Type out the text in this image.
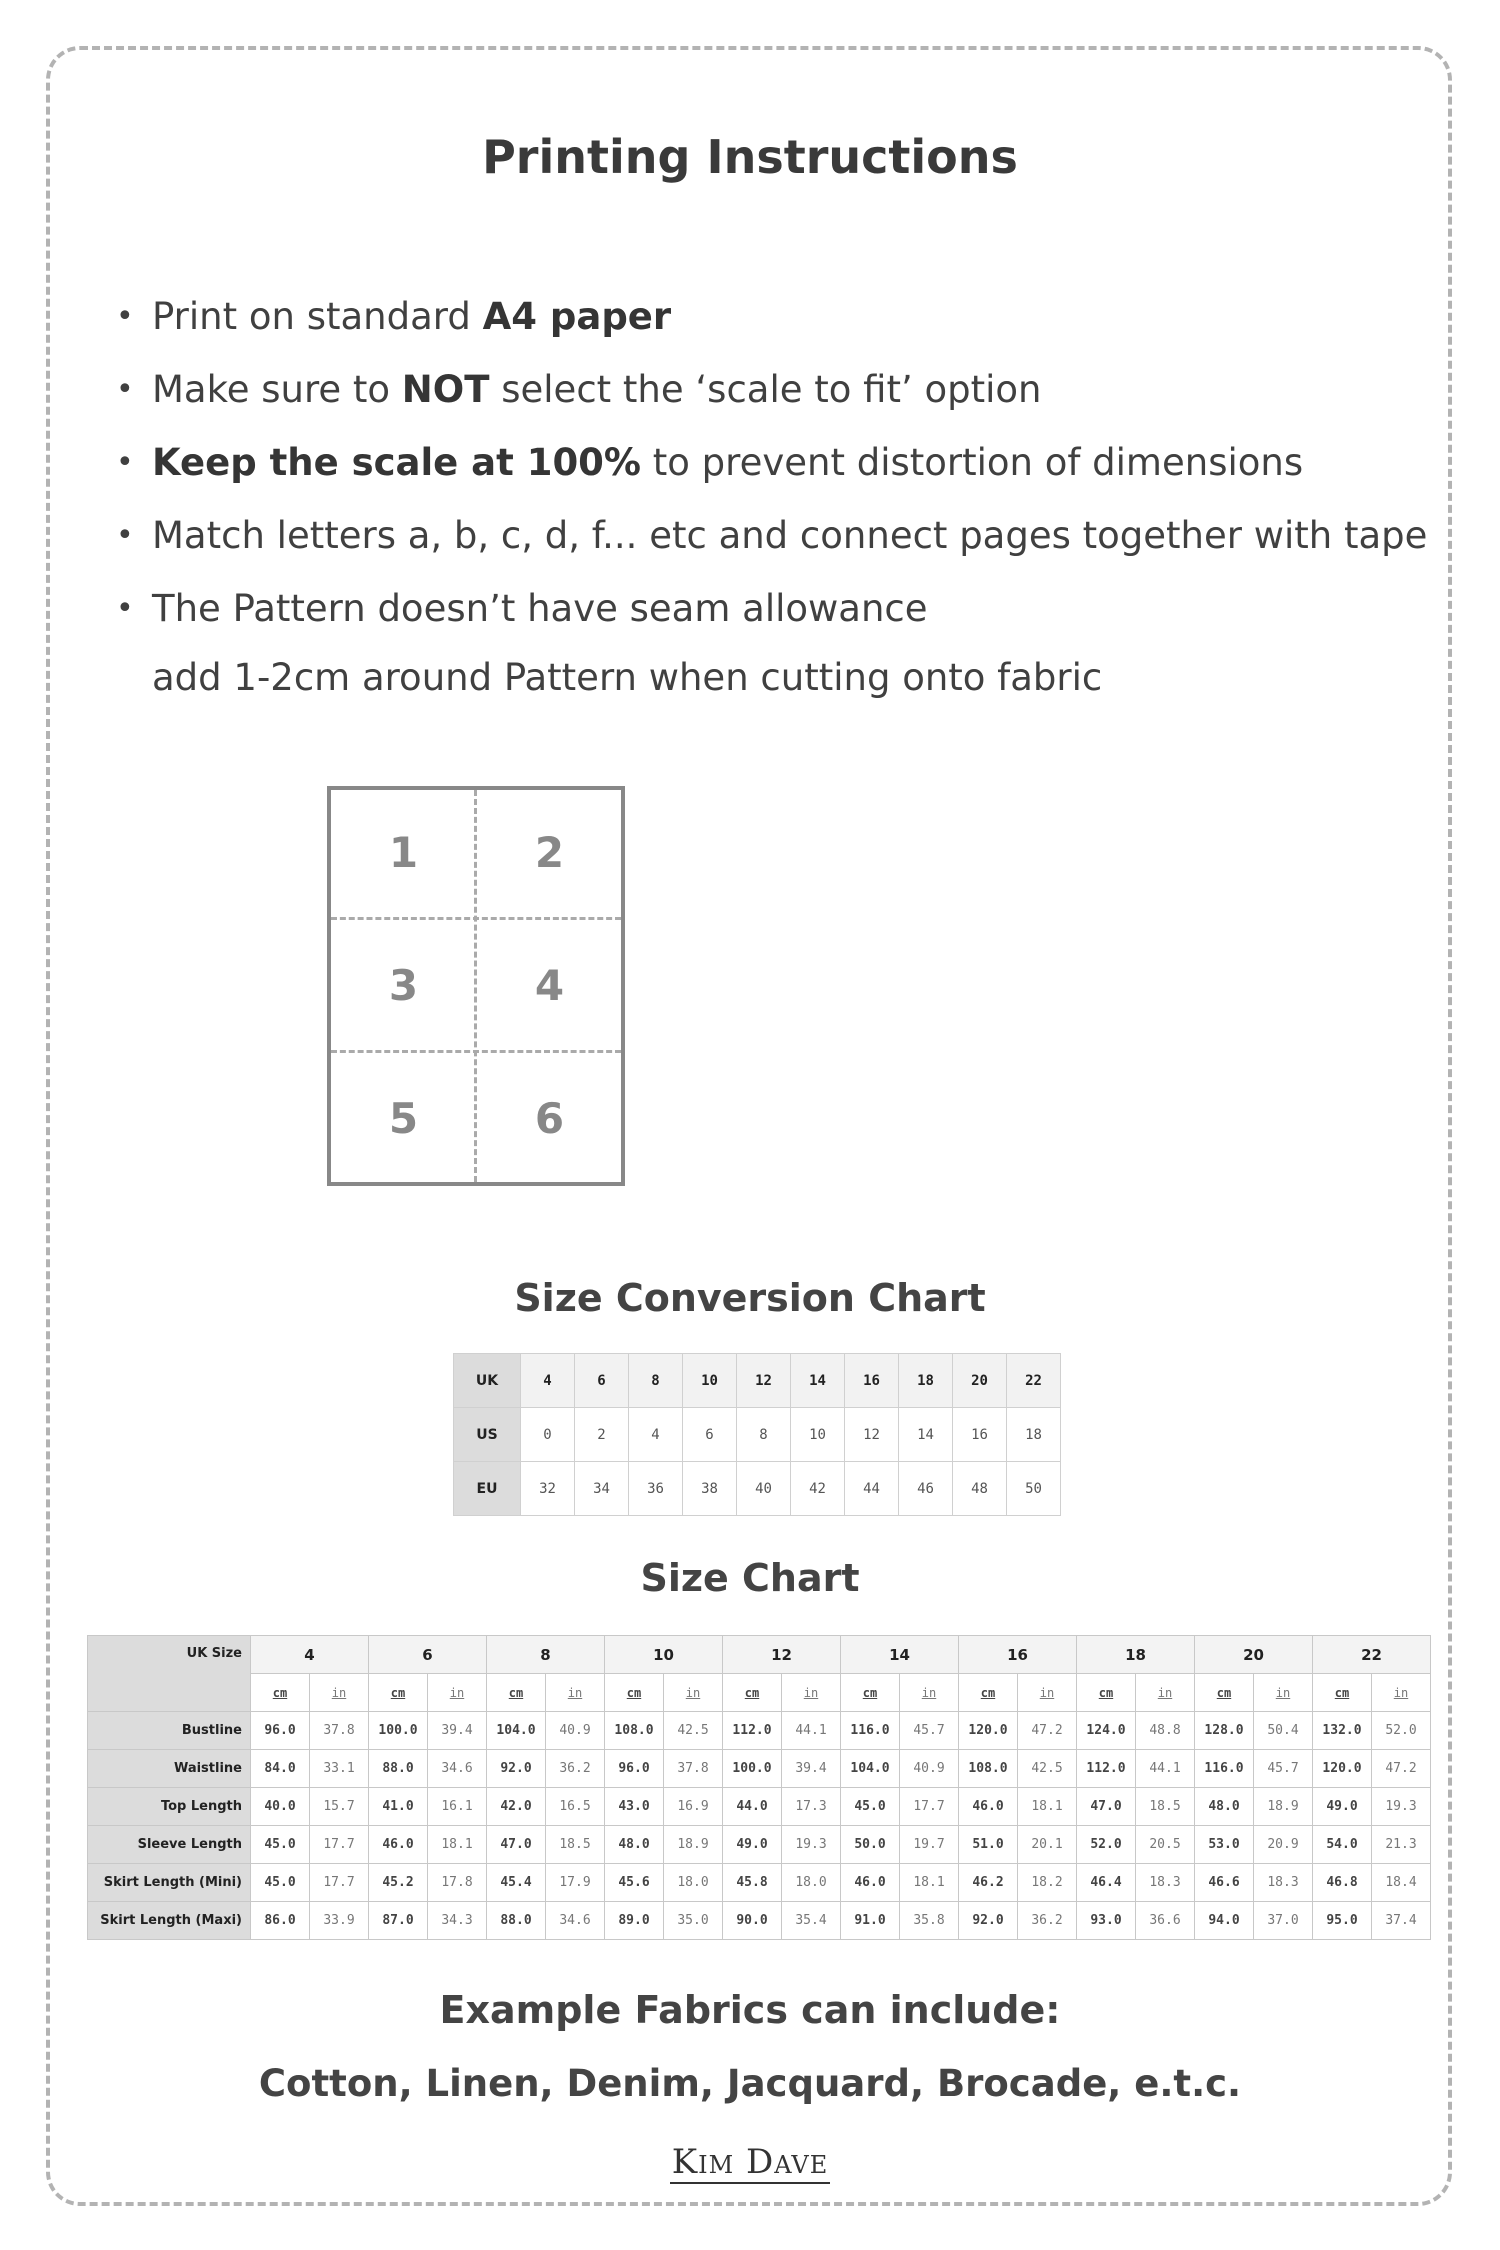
Printing Instructions
• Print on standard A4 paper
• Make sure to NOT select the ‘scale to fit’ option
• Keep the scale at 100% to prevent distortion of dimensions
• Match letters a, b, c, d, f... etc and connect pages together with tape
• The Pattern doesn’t have seam allowance
add 1-2cm around Pattern when cutting onto fabric
1	2
3	4
5	6
Size Conversion Chart
UK	4	6	8	10	12	14	16	18	20	22
US	0	2	4	6	8	10	12	14	16	18
EU	32	34	36	38	40	42	44	46	48	50
Size Chart
UK Size	4		6		8		10		12		14		16		18		20		22	
	cm	in	cm	in	cm	in	cm	in	cm	in	cm	in	cm	in	cm	in	cm	in	cm	in
Bustline	96.0	37.8	100.0	39.4	104.0	40.9	108.0	42.5	112.0	44.1	116.0	45.7	120.0	47.2	124.0	48.8	128.0	50.4	132.0	52.0
Waistline	84.0	33.1	88.0	34.6	92.0	36.2	96.0	37.8	100.0	39.4	104.0	40.9	108.0	42.5	112.0	44.1	116.0	45.7	120.0	47.2
Top Length	40.0	15.7	41.0	16.1	42.0	16.5	43.0	16.9	44.0	17.3	45.0	17.7	46.0	18.1	47.0	18.5	48.0	18.9	49.0	19.3
Sleeve Length	45.0	17.7	46.0	18.1	47.0	18.5	48.0	18.9	49.0	19.3	50.0	19.7	51.0	20.1	52.0	20.5	53.0	20.9	54.0	21.3
Skirt Length (Mini)	45.0	17.7	45.2	17.8	45.4	17.9	45.6	18.0	45.8	18.0	46.0	18.1	46.2	18.2	46.4	18.3	46.6	18.3	46.8	18.4
Skirt Length (Maxi)	86.0	33.9	87.0	34.3	88.0	34.6	89.0	35.0	90.0	35.4	91.0	35.8	92.0	36.2	93.0	36.6	94.0	37.0	95.0	37.4
Example Fabrics can include:
Cotton, Linen, Denim, Jacquard, Brocade, e.t.c.
Kim Dave
